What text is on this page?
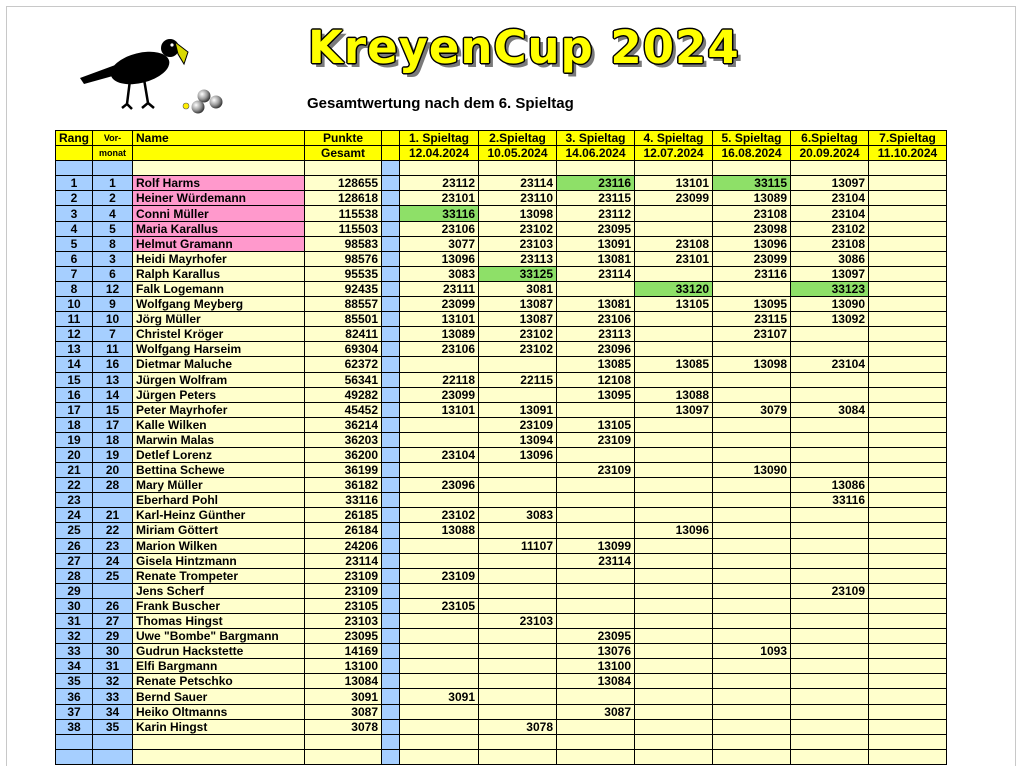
KreyenCup 2024
Gesamtwertung nach dem 6. Spieltag
Rang	Vor-	Name	Punkte		1. Spieltag	2.Spieltag	3. Spieltag	4. Spieltag	5. Spieltag	6.Spieltag	7.Spieltag
	monat		Gesamt		12.04.2024	10.05.2024	14.06.2024	12.07.2024	16.08.2024	20.09.2024	11.10.2024

1	1	Rolf Harms	128655		23112	23114	23116	13101	33115	13097	
2	2	Heiner Würdemann	128618		23101	23110	23115	23099	13089	23104	
3	4	Conni Müller	115538		33116	13098	23112		23108	23104	
4	5	Maria Karallus	115503		23106	23102	23095		23098	23102	
5	8	Helmut Gramann	98583		3077	23103	13091	23108	13096	23108	
6	3	Heidi Mayrhofer	98576		13096	23113	13081	23101	23099	3086	
7	6	Ralph Karallus	95535		3083	33125	23114		23116	13097	
8	12	Falk Logemann	92435		23111	3081		33120		33123	
10	9	Wolfgang Meyberg	88557		23099	13087	13081	13105	13095	13090	
11	10	Jörg Müller	85501		13101	13087	23106		23115	13092	
12	7	Christel Kröger	82411		13089	23102	23113		23107		
13	11	Wolfgang Harseim	69304		23106	23102	23096				
14	16	Dietmar Maluche	62372				13085	13085	13098	23104	
15	13	Jürgen Wolfram	56341		22118	22115	12108				
16	14	Jürgen Peters	49282		23099		13095	13088			
17	15	Peter Mayrhofer	45452		13101	13091		13097	3079	3084	
18	17	Kalle Wilken	36214			23109	13105				
19	18	Marwin Malas	36203			13094	23109				
20	19	Detlef Lorenz	36200		23104	13096					
21	20	Bettina Schewe	36199				23109		13090		
22	28	Mary Müller	36182		23096					13086	
23		Eberhard Pohl	33116							33116	
24	21	Karl-Heinz Günther	26185		23102	3083					
25	22	Miriam Göttert	26184		13088			13096			
26	23	Marion Wilken	24206			11107	13099				
27	24	Gisela Hintzmann	23114				23114				
28	25	Renate Trompeter	23109		23109						
29		Jens Scherf	23109							23109	
30	26	Frank Buscher	23105		23105						
31	27	Thomas Hingst	23103			23103					
32	29	Uwe "Bombe" Bargmann	23095				23095				
33	30	Gudrun Hackstette	14169				13076		1093		
34	31	Elfi Bargmann	13100				13100				
35	32	Renate Petschko	13084				13084				
36	33	Bernd Sauer	3091		3091						
37	34	Heiko Oltmanns	3087				3087				
38	35	Karin Hingst	3078			3078					
